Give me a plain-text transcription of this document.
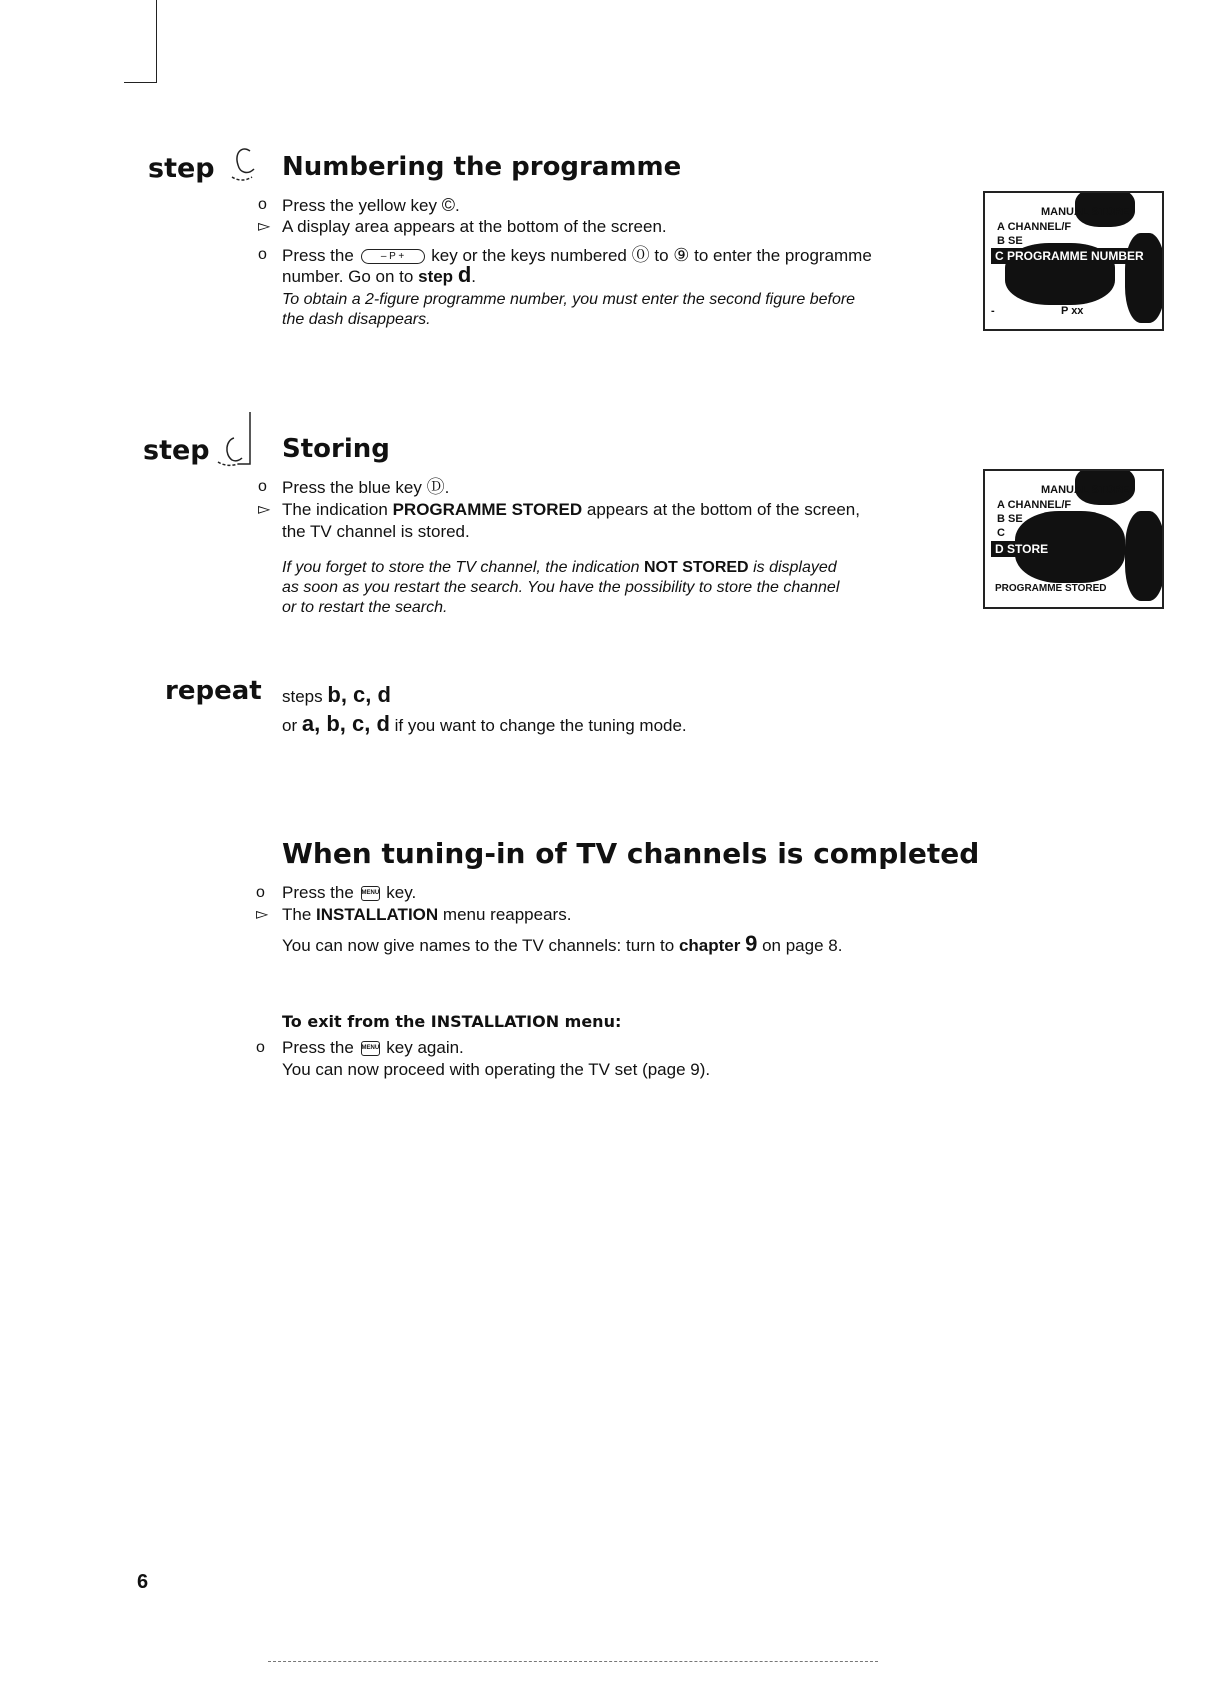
step	Numbering the programme
o Press the yellow key ©.
▻ A display area appears at the bottom of the screen.
o Press the	– P + key or the keys numbered ⓪ to ⑨ to enter the programme
number. Go on to step d.
To obtain a 2-figure programme number, you must enter the second figure before
the dash disappears.
MANUAL STORE
A CHANNEL/F
B SE
C PROGRAMME NUMBER
D
-	P xx
step	Storing
o Press the blue key Ⓓ.
▻ The indication PROGRAMME STORED appears at the bottom of the screen,
the TV channel is stored.
If you forget to store the TV channel, the indication NOT STORED is displayed
as soon as you restart the search. You have the possibility to store the channel
or to restart the search.
MANUAL STORE
A CHANNEL/F
B SE
C
D STORE
PROGRAMME STORED
repeat steps b, c, d
or a, b, c, d if you want to change the tuning mode.
When tuning-in of TV channels is completed
o	Press the MENU key.
▻ The INSTALLATION menu reappears.
You can now give names to the TV channels: turn to chapter 9 on page 8.
To exit from the INSTALLATION menu:
o	Press the MENU key again.
You can now proceed with operating the TV set (page 9).
6
